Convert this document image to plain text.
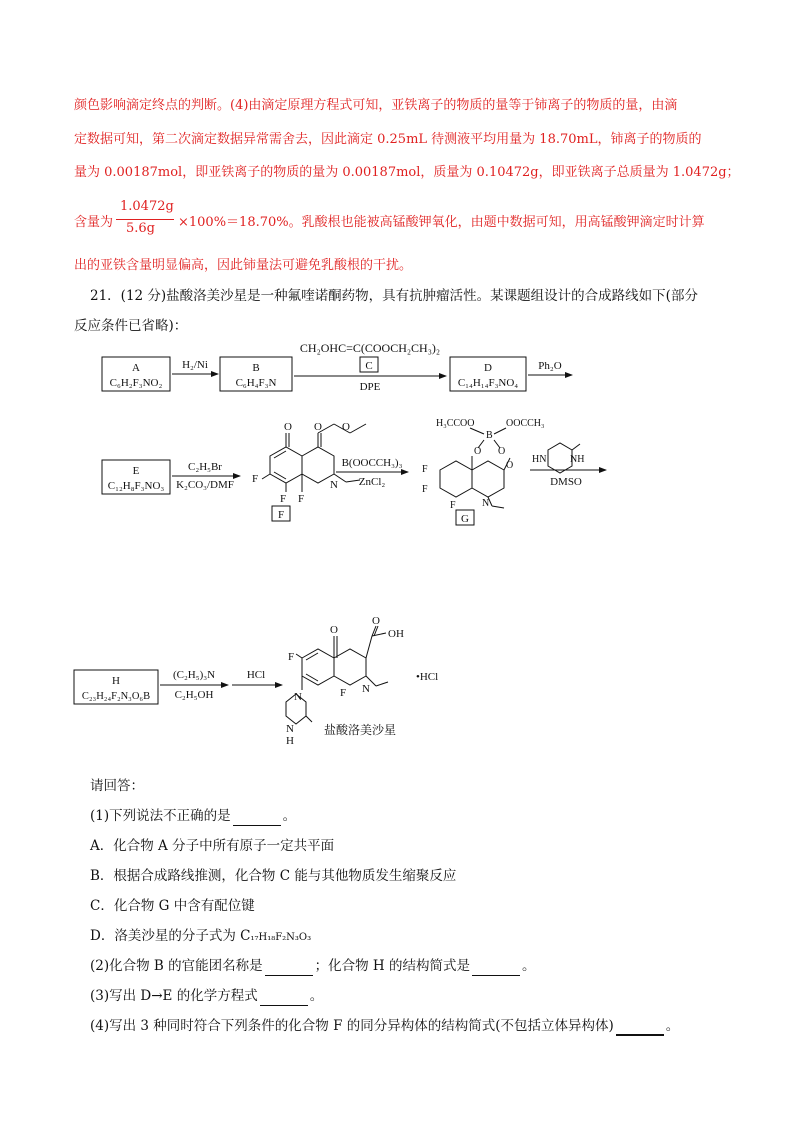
颜色影响滴定终点的判断。(4)由滴定原理方程式可知，亚铁离子的物质的量等于铈离子的物质的量，由滴
定数据可知，第二次滴定数据异常需舍去，因此滴定 0.25mL 待测液平均用量为 18.70mL，铈离子的物质的
量为 0.00187mol，即亚铁离子的物质的量为 0.00187mol，质量为 0.10472g，即亚铁离子总质量为 1.0472g；
含量为
1.0472g
5.6g ×100%＝18.70%。乳酸根也能被高锰酸钾氧化，由题中数据可知，用高锰酸钾滴定时计算
出的亚铁含量明显偏高，因此铈量法可避免乳酸根的干扰。
21．(12 分)盐酸洛美沙星是一种氟喹诺酮药物，具有抗肿瘤活性。某课题组设计的合成路线如下(部分
反应条件已省略)：
A
C₆H₂F₃NO₂
H₂/Ni	B
C₆H₄F₃N
CH₂OHC=C(COOCH₂CH₃)₂
C
DPE
D
C₁₄H₁₄F₃NO₄
Ph₂O
E
C₁₂H₈F₃NO₃
C₂H₅Br
K₂CO₃/DMF
O O O
F
F F
N
F
B(OOCCH₃)₃
ZnCl₂
H₃CCOO
B
OOCCH₃
O O
O
F
F
F	N
G
HN NH
DMSO
H
C₂₃H₂₄F₂N₃O₆B
(C₂H₅)₃N
C₂H₅OH
HCl
O
O
OH
F
F N
N
N
H
•HCl
盐酸洛美沙星
请回答：
(1)下列说法不正确的是	。
A．化合物 A 分子中所有原子一定共平面
B．根据合成路线推测，化合物 C 能与其他物质发生缩聚反应
C．化合物 G 中含有配位键
D．洛美沙星的分子式为 C₁₇H₁₈F₂N₃O₃
(2)化合物 B 的官能团名称是	；化合物 H 的结构简式是	。
(3)写出 D→E 的化学方程式	。
(4)写出 3 种同时符合下列条件的化合物 F 的同分异构体的结构简式(不包括立体异构体)	。
